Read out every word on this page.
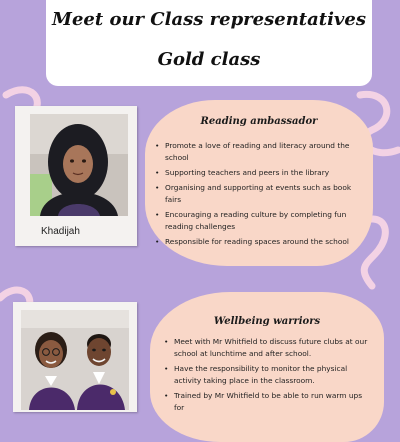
Meet our Class representatives
Gold class
Khadijah
Reading ambassador
• Promote a love of reading and literacy around the school
• Supporting teachers and peers in the library
• Organising and supporting at events such as book fairs
• Encouraging a reading culture by completing fun reading challenges
• Responsible for reading spaces around the school
Wellbeing warriors
• Meet with Mr Whitfield to discuss future clubs at our school at lunchtime and after school.
• Have the responsibility to monitor the physical activity taking place in the classroom.
• Trained by Mr Whitfield to be able to run warm ups for
